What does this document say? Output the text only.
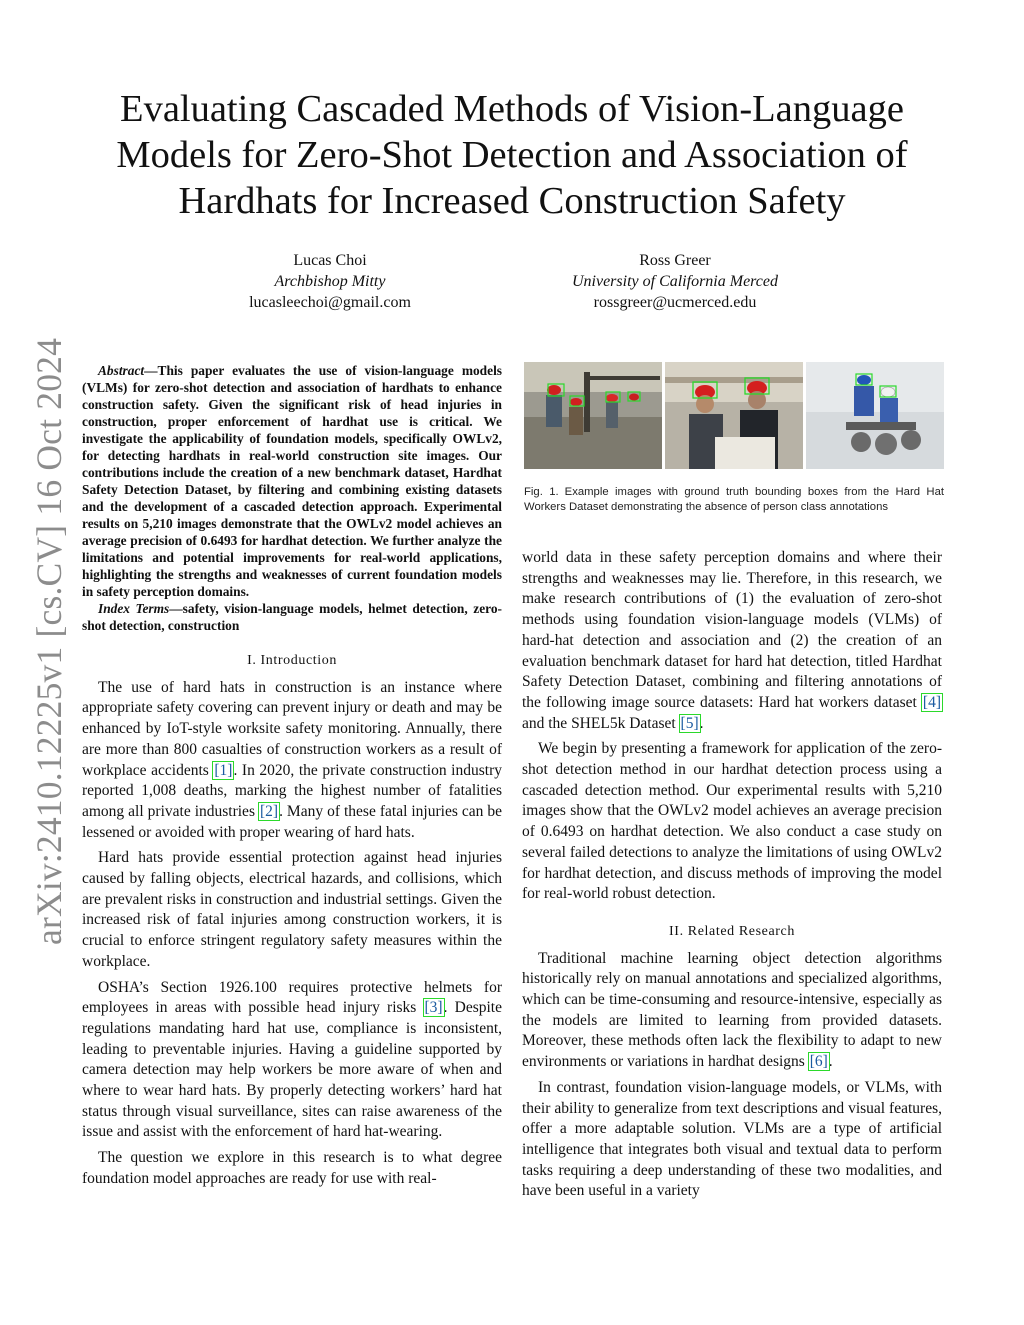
Evaluating Cascaded Methods of Vision-Language Models for Zero-Shot Detection and Association of Hardhats for Increased Construction Safety
Lucas Choi
Archbishop Mitty
lucasleechoi@gmail.com
Ross Greer
University of California Merced
rossgreer@ucmerced.edu
arXiv:2410.12225v1 [cs.CV] 16 Oct 2024	Abstract—This paper evaluates the use of vision-language models (VLMs) for zero-shot detection and association of hardhats to enhance construction safety. Given the significant risk of head injuries in construction, proper enforcement of hardhat use is critical. We investigate the applicability of foundation models, specifically OWLv2, for detecting hardhats in real-world construction site images. Our contributions include the creation of a new benchmark dataset, Hardhat Safety Detection Dataset, by filtering and combining existing datasets and the development of a cascaded detection approach. Experimental results on 5,210 images demonstrate that the OWLv2 model achieves an average precision of 0.6493 for hardhat detection. We further analyze the limitations and potential improvements for real-world applications, highlighting the strengths and weaknesses of current foundation models in safety perception domains.

Index Terms—safety, vision-language models, helmet detection, zero-shot detection, construction

I. Introduction

The use of hard hats in construction is an instance where appropriate safety covering can prevent injury or death and may be enhanced by IoT-style worksite safety monitoring. Annually, there are more than 800 casualties of construction workers as a result of workplace accidents [1]. In 2020, the private construction industry reported 1,008 deaths, marking the highest number of fatalities among all private industries [2]. Many of these fatal injuries can be lessened or avoided with proper wearing of hard hats.

Hard hats provide essential protection against head injuries caused by falling objects, electrical hazards, and collisions, which are prevalent risks in construction and industrial settings. Given the increased risk of fatal injuries among construction workers, it is crucial to enforce stringent regulatory safety measures within the workplace.

OSHA’s Section 1926.100 requires protective helmets for employees in areas with possible head injury risks [3]. Despite regulations mandating hard hat use, compliance is inconsistent, leading to preventable injuries. Having a guideline supported by camera detection may help workers be more aware of when and where to wear hard hats. By properly detecting workers’ hard hat status through visual surveillance, sites can raise awareness of the issue and assist with the enforcement of hard hat-wearing.

The question we explore in this research is to what degree foundation model approaches are ready for use with real-

Fig. 1. Example images with ground truth bounding boxes from the Hard Hat Workers Dataset demonstrating the absence of person class annotations

world data in these safety perception domains and where their strengths and weaknesses may lie. Therefore, in this research, we make research contributions of (1) the evaluation of zero-shot methods using foundation vision-language models (VLMs) of hard-hat detection and association and (2) the creation of an evaluation benchmark dataset for hard hat detection, titled Hardhat Safety Detection Dataset, combining and filtering annotations of the following image source datasets: Hard hat workers dataset [4] and the SHEL5k Dataset [5].

We begin by presenting a framework for application of the zero-shot detection method in our hardhat detection process using a cascaded detection method. Our experimental results with 5,210 images show that the OWLv2 model achieves an average precision of 0.6493 on hardhat detection. We also conduct a case study on several failed detections to analyze the limitations of using OWLv2 for hardhat detection, and discuss methods of improving the model for real-world robust detection.

II. Related Research

Traditional machine learning object detection algorithms historically rely on manual annotations and specialized algorithms, which can be time-consuming and resource-intensive, especially as the models are limited to learning from provided datasets. Moreover, these methods often lack the flexibility to adapt to new environments or variations in hardhat designs [6].

In contrast, foundation vision-language models, or VLMs, with their ability to generalize from text descriptions and visual features, offer a more adaptable solution. VLMs are a type of artificial intelligence that integrates both visual and textual data to perform tasks requiring a deep understanding of these two modalities, and have been useful in a variety
